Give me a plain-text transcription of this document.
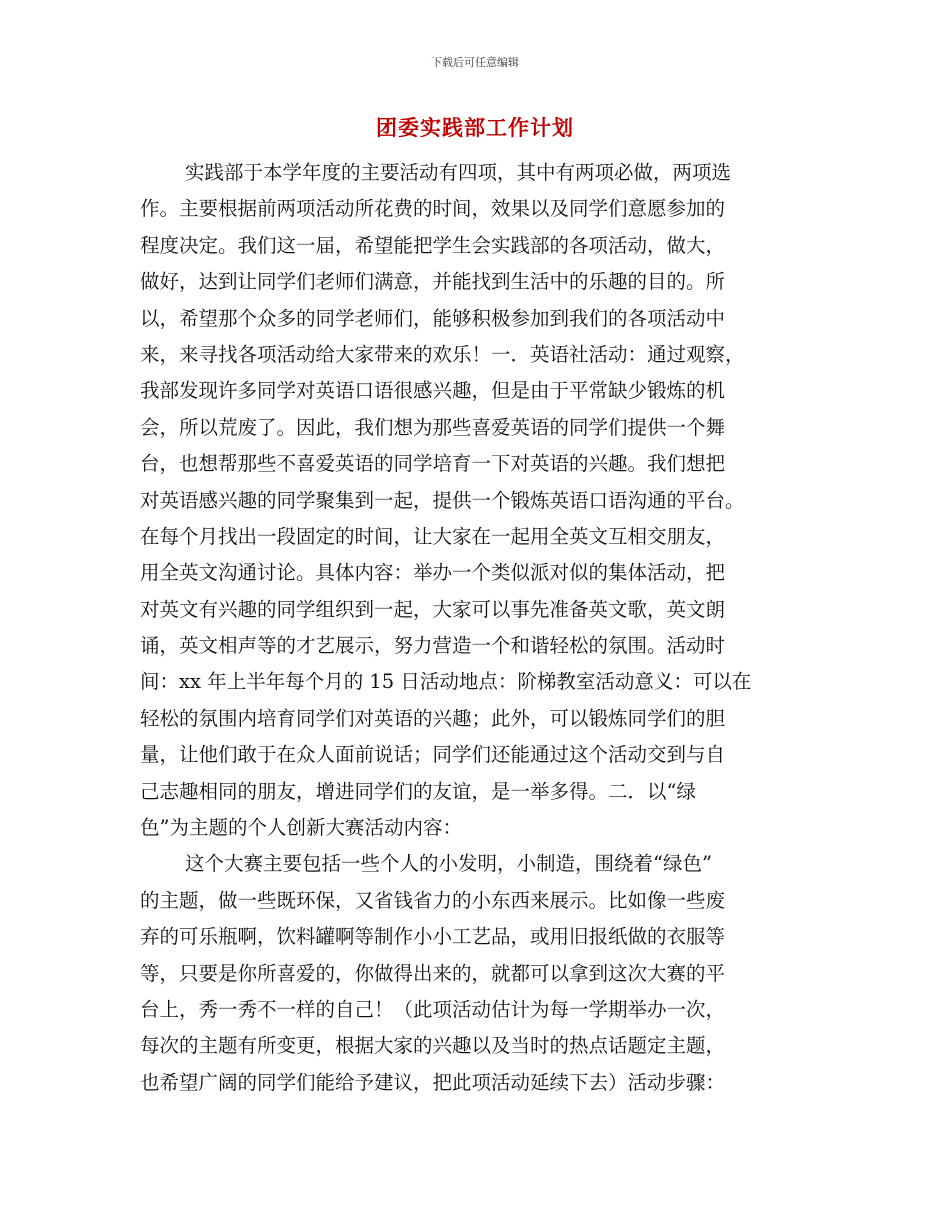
下载后可任意编辑
团委实践部工作计划
实践部于本学年度的主要活动有四项，其中有两项必做，两项选
作。主要根据前两项活动所花费的时间，效果以及同学们意愿参加的
程度决定。我们这一届，希望能把学生会实践部的各项活动，做大，
做好，达到让同学们老师们满意，并能找到生活中的乐趣的目的。所
以，希望那个众多的同学老师们，能够积极参加到我们的各项活动中
来，来寻找各项活动给大家带来的欢乐！一．英语社活动：通过观察，
我部发现许多同学对英语口语很感兴趣，但是由于平常缺少锻炼的机
会，所以荒废了。因此，我们想为那些喜爱英语的同学们提供一个舞
台，也想帮那些不喜爱英语的同学培育一下对英语的兴趣。我们想把
对英语感兴趣的同学聚集到一起，提供一个锻炼英语口语沟通的平台。
在每个月找出一段固定的时间，让大家在一起用全英文互相交朋友，
用全英文沟通讨论。具体内容：举办一个类似派对似的集体活动，把
对英文有兴趣的同学组织到一起，大家可以事先准备英文歌，英文朗
诵，英文相声等的才艺展示，努力营造一个和谐轻松的氛围。活动时
间：xx 年上半年每个月的 15 日活动地点：阶梯教室活动意义：可以在
轻松的氛围内培育同学们对英语的兴趣；此外，可以锻炼同学们的胆
量，让他们敢于在众人面前说话；同学们还能通过这个活动交到与自
己志趣相同的朋友，增进同学们的友谊，是一举多得。二．以“绿
色”为主题的个人创新大赛活动内容：
这个大赛主要包括一些个人的小发明，小制造，围绕着“绿色”
的主题，做一些既环保，又省钱省力的小东西来展示。比如像一些废
弃的可乐瓶啊，饮料罐啊等制作小小工艺品，或用旧报纸做的衣服等
等，只要是你所喜爱的，你做得出来的，就都可以拿到这次大赛的平
台上，秀一秀不一样的自己！（此项活动估计为每一学期举办一次，
每次的主题有所变更，根据大家的兴趣以及当时的热点话题定主题，
也希望广阔的同学们能给予建议，把此项活动延续下去）活动步骤：
